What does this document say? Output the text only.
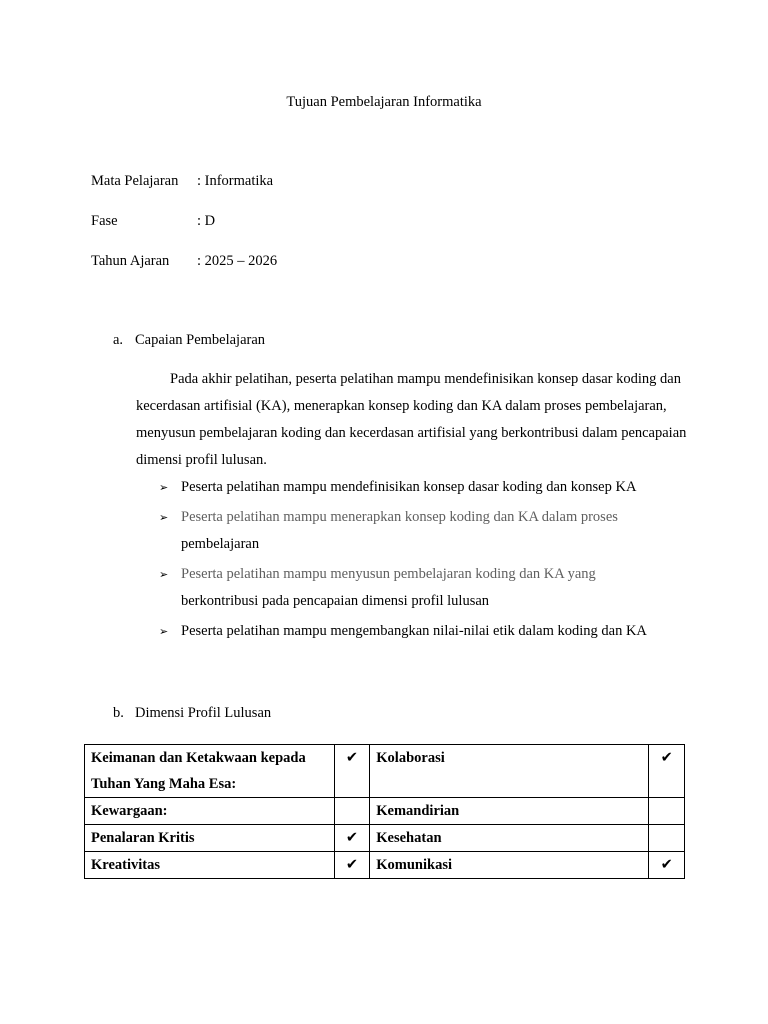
Tujuan Pembelajaran Informatika
Mata Pelajaran : Informatika
Fase	: D
Tahun Ajaran : 2025 – 2026
a. Capaian Pembelajaran
Pada akhir pelatihan, peserta pelatihan mampu mendefinisikan konsep dasar koding dan kecerdasan artifisial (KA), menerapkan konsep koding dan KA dalam proses pembelajaran, menyusun pembelajaran koding dan kecerdasan artifisial yang berkontribusi dalam pencapaian dimensi profil lulusan.
➢ Peserta pelatihan mampu mendefinisikan konsep dasar koding dan konsep KA
➢ Peserta pelatihan mampu menerapkan konsep koding dan KA dalam proses
pembelajaran
➢ Peserta pelatihan mampu menyusun pembelajaran koding dan KA yang
berkontribusi pada pencapaian dimensi profil lulusan
➢ Peserta pelatihan mampu mengembangkan nilai-nilai etik dalam koding dan KA
b. Dimensi Profil Lulusan
Keimanan dan Ketakwaan kepada Tuhan Yang Maha Esa:	✔	Kolaborasi	✔
Kewargaan:		Kemandirian	
Penalaran Kritis	✔	Kesehatan	
Kreativitas	✔	Komunikasi	✔
